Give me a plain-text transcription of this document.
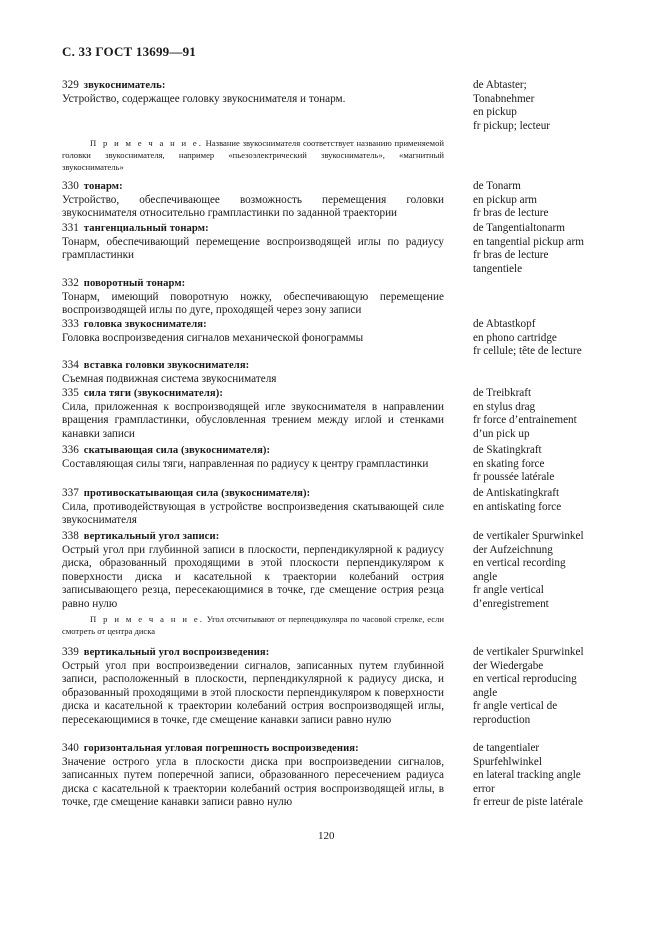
С. 33 ГОСТ 13699—91
329 звукосниматель:
Устройство, содержащее головку звукоснимателя и тонарм.
de Abtaster;
Tonabnehmer
en pickup
fr pickup; lecteur
П р и м е ч а н и е. Название звукоснимателя соответствует названию применяемой головки звукоснимателя, например «пьезоэлектрический звукосниматель», «магнитный звукосниматель»
330 тонарм:
Устройство, обеспечивающее возможность перемещения головки звукоснимателя относительно грампластинки по заданной траектории
de Tonarm
en pickup arm
fr bras de lecture
331 тангенциальный тонарм:
Тонарм, обеспечивающий перемещение воспроизводящей иглы по радиусу грампластинки
de Tangentialtonarm
en tangential pickup arm
fr bras de lecture
tangentiele
332 поворотный тонарм:
Тонарм, имеющий поворотную ножку, обеспечивающую перемещение воспроизводящей иглы по дуге, проходящей через зону записи
333 головка звукоснимателя:
Головка воспроизведения сигналов механической фонограммы
de Abtastkopf
en phono cartridge
fr cellule; tête de lecture
334 вставка головки звукоснимателя:
Съемная подвижная система звукоснимателя
335 сила тяги (звукоснимателя):
Сила, приложенная к воспроизводящей игле звукоснимателя в направлении вращения грампластинки, обусловленная трением между иглой и стенками канавки записи
de Treibkraft
en stylus drag
fr force d’entrainement
d’un pick up
336 скатывающая сила (звукоснимателя):
Составляющая силы тяги, направленная по радиусу к центру грампластинки
de Skatingkraft
en skating force
fr poussée latérale
337 противоскатывающая сила (звукоснимателя):
Сила, противодействующая в устройстве воспроизведения скатывающей силе звукоснимателя
de Antiskatingkraft
en antiskating force
338 вертикальный угол записи:
Острый угол при глубинной записи в плоскости, перпендикулярной к радиусу диска, образованный проходящими в этой плоскости перпендикуляром к поверхности диска и касательной к траектории колебаний острия записывающего резца, пересекающимися в точке, где смещение острия резца равно нулю
de vertikaler Spurwinkel
der Aufzeichnung
en vertical recording
angle
fr angle vertical
d’enregistrement
П р и м е ч а н и е. Угол отсчитывают от перпендикуляра по часовой стрелке, если смотреть от центра диска
339 вертикальный угол воспроизведения:
Острый угол при воспроизведении сигналов, записанных путем глубинной записи, расположенный в плоскости, перпендикулярной к радиусу диска, и образованный проходящими в этой плоскости перпендикуляром к поверхности диска и касательной к траектории колебаний острия воспроизводящей иглы, пересекающимися в точке, где смещение канавки записи равно нулю
de vertikaler Spurwinkel
der Wiedergabe
en vertical reproducing
angle
fr angle vertical de
reproduction
340 горизонтальная угловая погрешность воспроизведения:
Значение острого угла в плоскости диска при воспроизведении сигналов, записанных путем поперечной записи, образованного пересечением радиуса диска с касательной к траектории колебаний острия воспроизводящей иглы, в точке, где смещение канавки записи равно нулю
de tangentialer
Spurfehlwinkel
en lateral tracking angle
error
fr erreur de piste latérale
120
